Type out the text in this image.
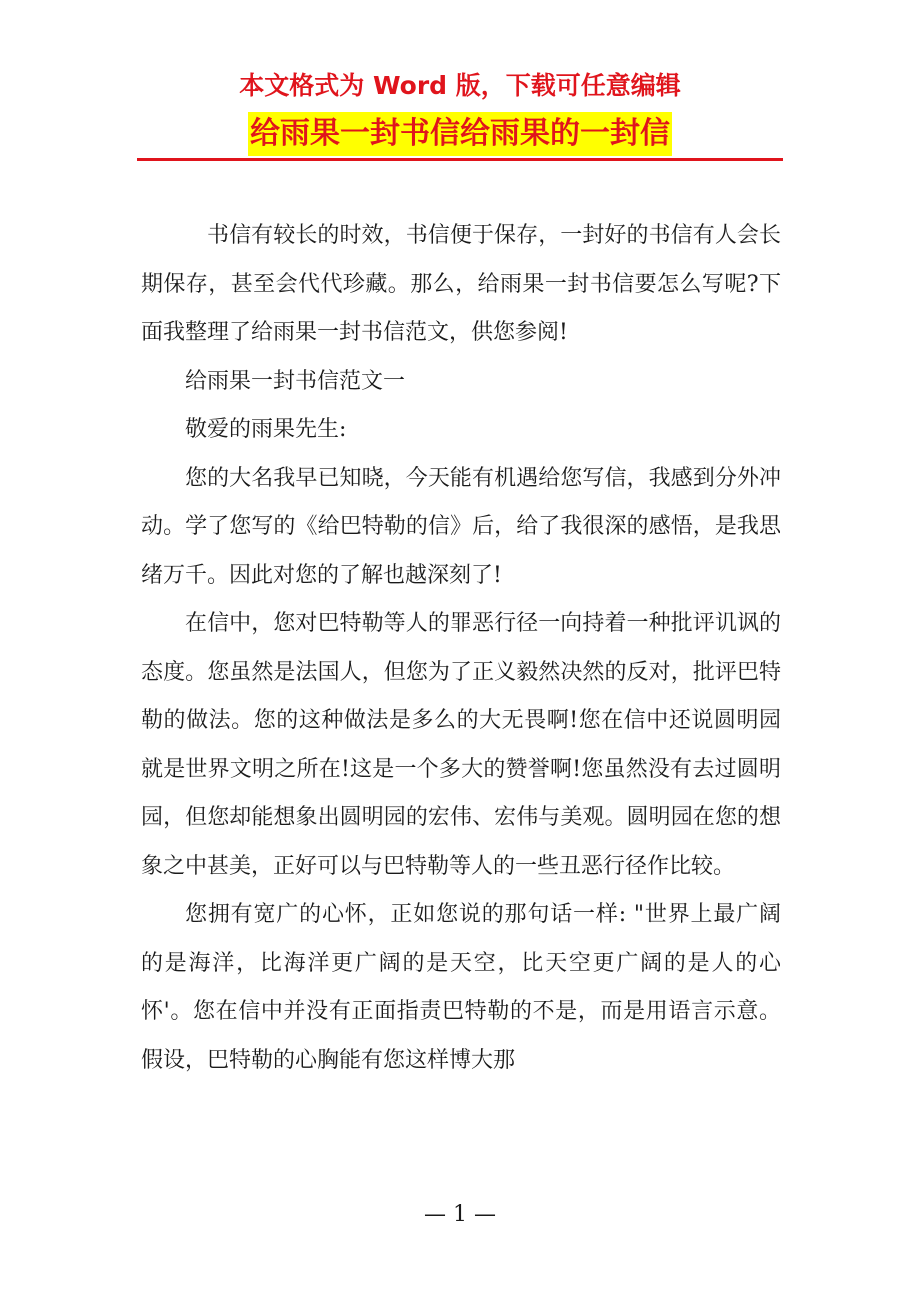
本文格式为 Word 版，下载可任意编辑
给雨果一封书信给雨果的一封信

书信有较长的时效，书信便于保存，一封好的书信有人会长期保存，甚至会代代珍藏。那么，给雨果一封书信要怎么写呢?下面我整理了给雨果一封书信范文，供您参阅!

给雨果一封书信范文一

敬爱的雨果先生:

您的大名我早已知晓，今天能有机遇给您写信，我感到分外冲动。学了您写的《给巴特勒的信》后，给了我很深的感悟，是我思绪万千。因此对您的了解也越深刻了!

在信中，您对巴特勒等人的罪恶行径一向持着一种批评讥讽的态度。您虽然是法国人，但您为了正义毅然决然的反对，批评巴特勒的做法。您的这种做法是多么的大无畏啊!您在信中还说圆明园就是世界文明之所在!这是一个多大的赞誉啊!您虽然没有去过圆明园，但您却能想象出圆明园的宏伟、宏伟与美观。圆明园在您的想象之中甚美，正好可以与巴特勒等人的一些丑恶行径作比较。

您拥有宽广的心怀，正如您说的那句话一样: "世界上最广阔的是海洋，比海洋更广阔的是天空，比天空更广阔的是人的心怀'。您在信中并没有正面指责巴特勒的不是，而是用语言示意。假设，巴特勒的心胸能有您这样博大那

— 1 —
